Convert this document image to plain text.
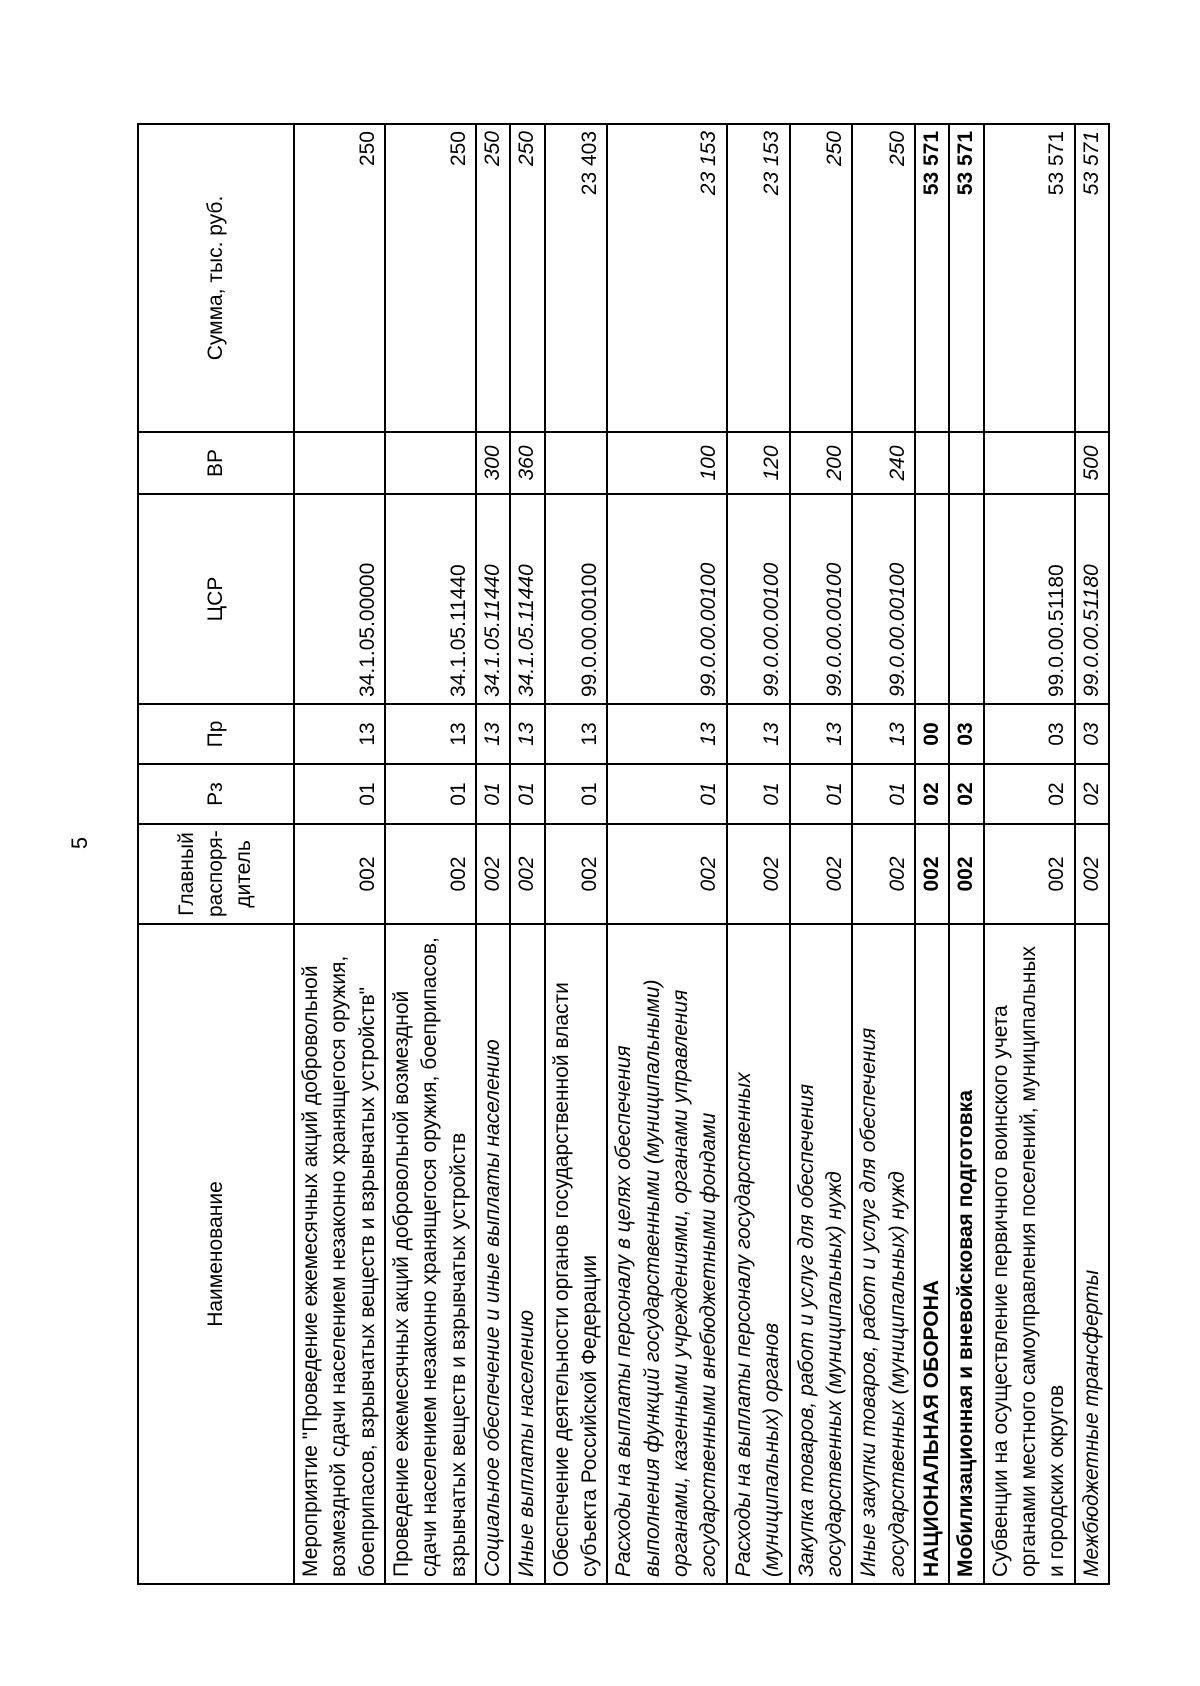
5
Наименование	Главный распоря-дитель	Рз	Пр	ЦСР	ВР	Сумма, тыс. руб.
Мероприятие "Проведение ежемесячных акций добровольной возмездной сдачи населением незаконно хранящегося оружия, боеприпасов, взрывчатых веществ и взрывчатых устройств"	002	01	13	34.1.05.00000		250
Проведение ежемесячных акций добровольной возмездной сдачи населением незаконно хранящегося оружия, боеприпасов, взрывчатых веществ и взрывчатых устройств	002	01	13	34.1.05.11440		250
Социальное обеспечение и иные выплаты населению	002	01	13	34.1.05.11440	300	250
Иные выплаты населению	002	01	13	34.1.05.11440	360	250
Обеспечение деятельности органов государственной власти субъекта Российской Федерации	002	01	13	99.0.00.00100		23 403
Расходы на выплаты персоналу в целях обеспечения выполнения функций государственными (муниципальными) органами, казенными учреждениями, органами управления государственными внебюджетными фондами	002	01	13	99.0.00.00100	100	23 153
Расходы на выплаты персоналу государственных (муниципальных) органов	002	01	13	99.0.00.00100	120	23 153
Закупка товаров, работ и услуг для обеспечения государственных (муниципальных) нужд	002	01	13	99.0.00.00100	200	250
Иные закупки товаров, работ и услуг для обеспечения государственных (муниципальных) нужд	002	01	13	99.0.00.00100	240	250
НАЦИОНАЛЬНАЯ ОБОРОНА	002	02	00			53 571
Мобилизационная и вневойсковая подготовка	002	02	03			53 571
Субвенции на осуществление первичного воинского учета органами местного самоуправления поселений, муниципальных и городских округов	002	02	03	99.0.00.51180		53 571
Межбюджетные трансферты	002	02	03	99.0.00.51180	500	53 571
